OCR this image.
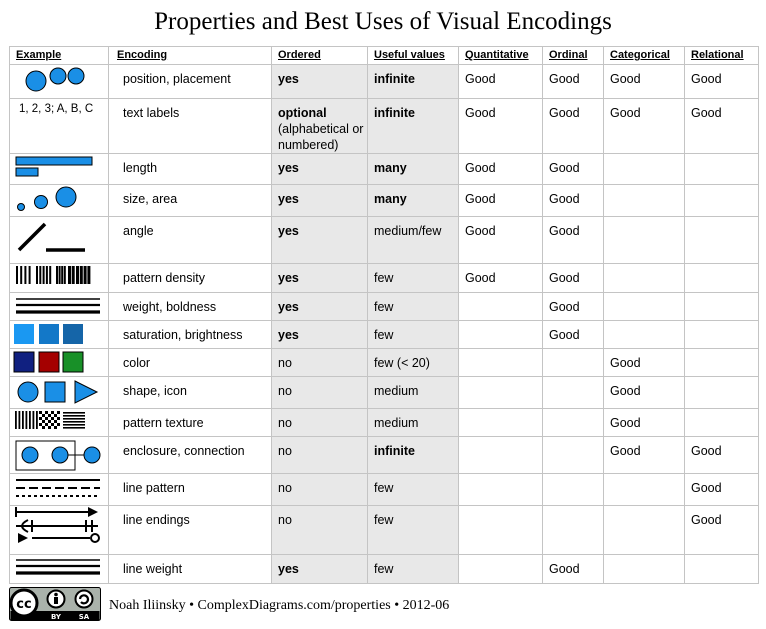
Properties and Best Uses of Visual Encodings
Example	Encoding	Ordered	Useful values	Quantitative	Ordinal	Categorical	Relational

	position, placement	yes	infinite	Good	Good	Good	Good

1, 2, 3; A, B, C	text labels	optional
(alphabetical or numbered)	infinite	Good	Good	Good	Good

	length	yes	many	Good	Good		

	size, area	yes	many	Good	Good		

	angle	yes	medium/few	Good	Good		

	pattern density	yes	few	Good	Good		

	weight, boldness	yes	few		Good		

	saturation, brightness	yes	few		Good		

	color	no	few (< 20)			Good	

	shape, icon	no	medium			Good	

	pattern texture	no	medium			Good	

	enclosure, connection	no	infinite			Good	Good

	line pattern	no	few				Good

	line endings	no	few				Good

	line weight	yes	few		Good		
cc
BY	SA
Noah Iliinsky • ComplexDiagrams.com/properties • 2012-06
